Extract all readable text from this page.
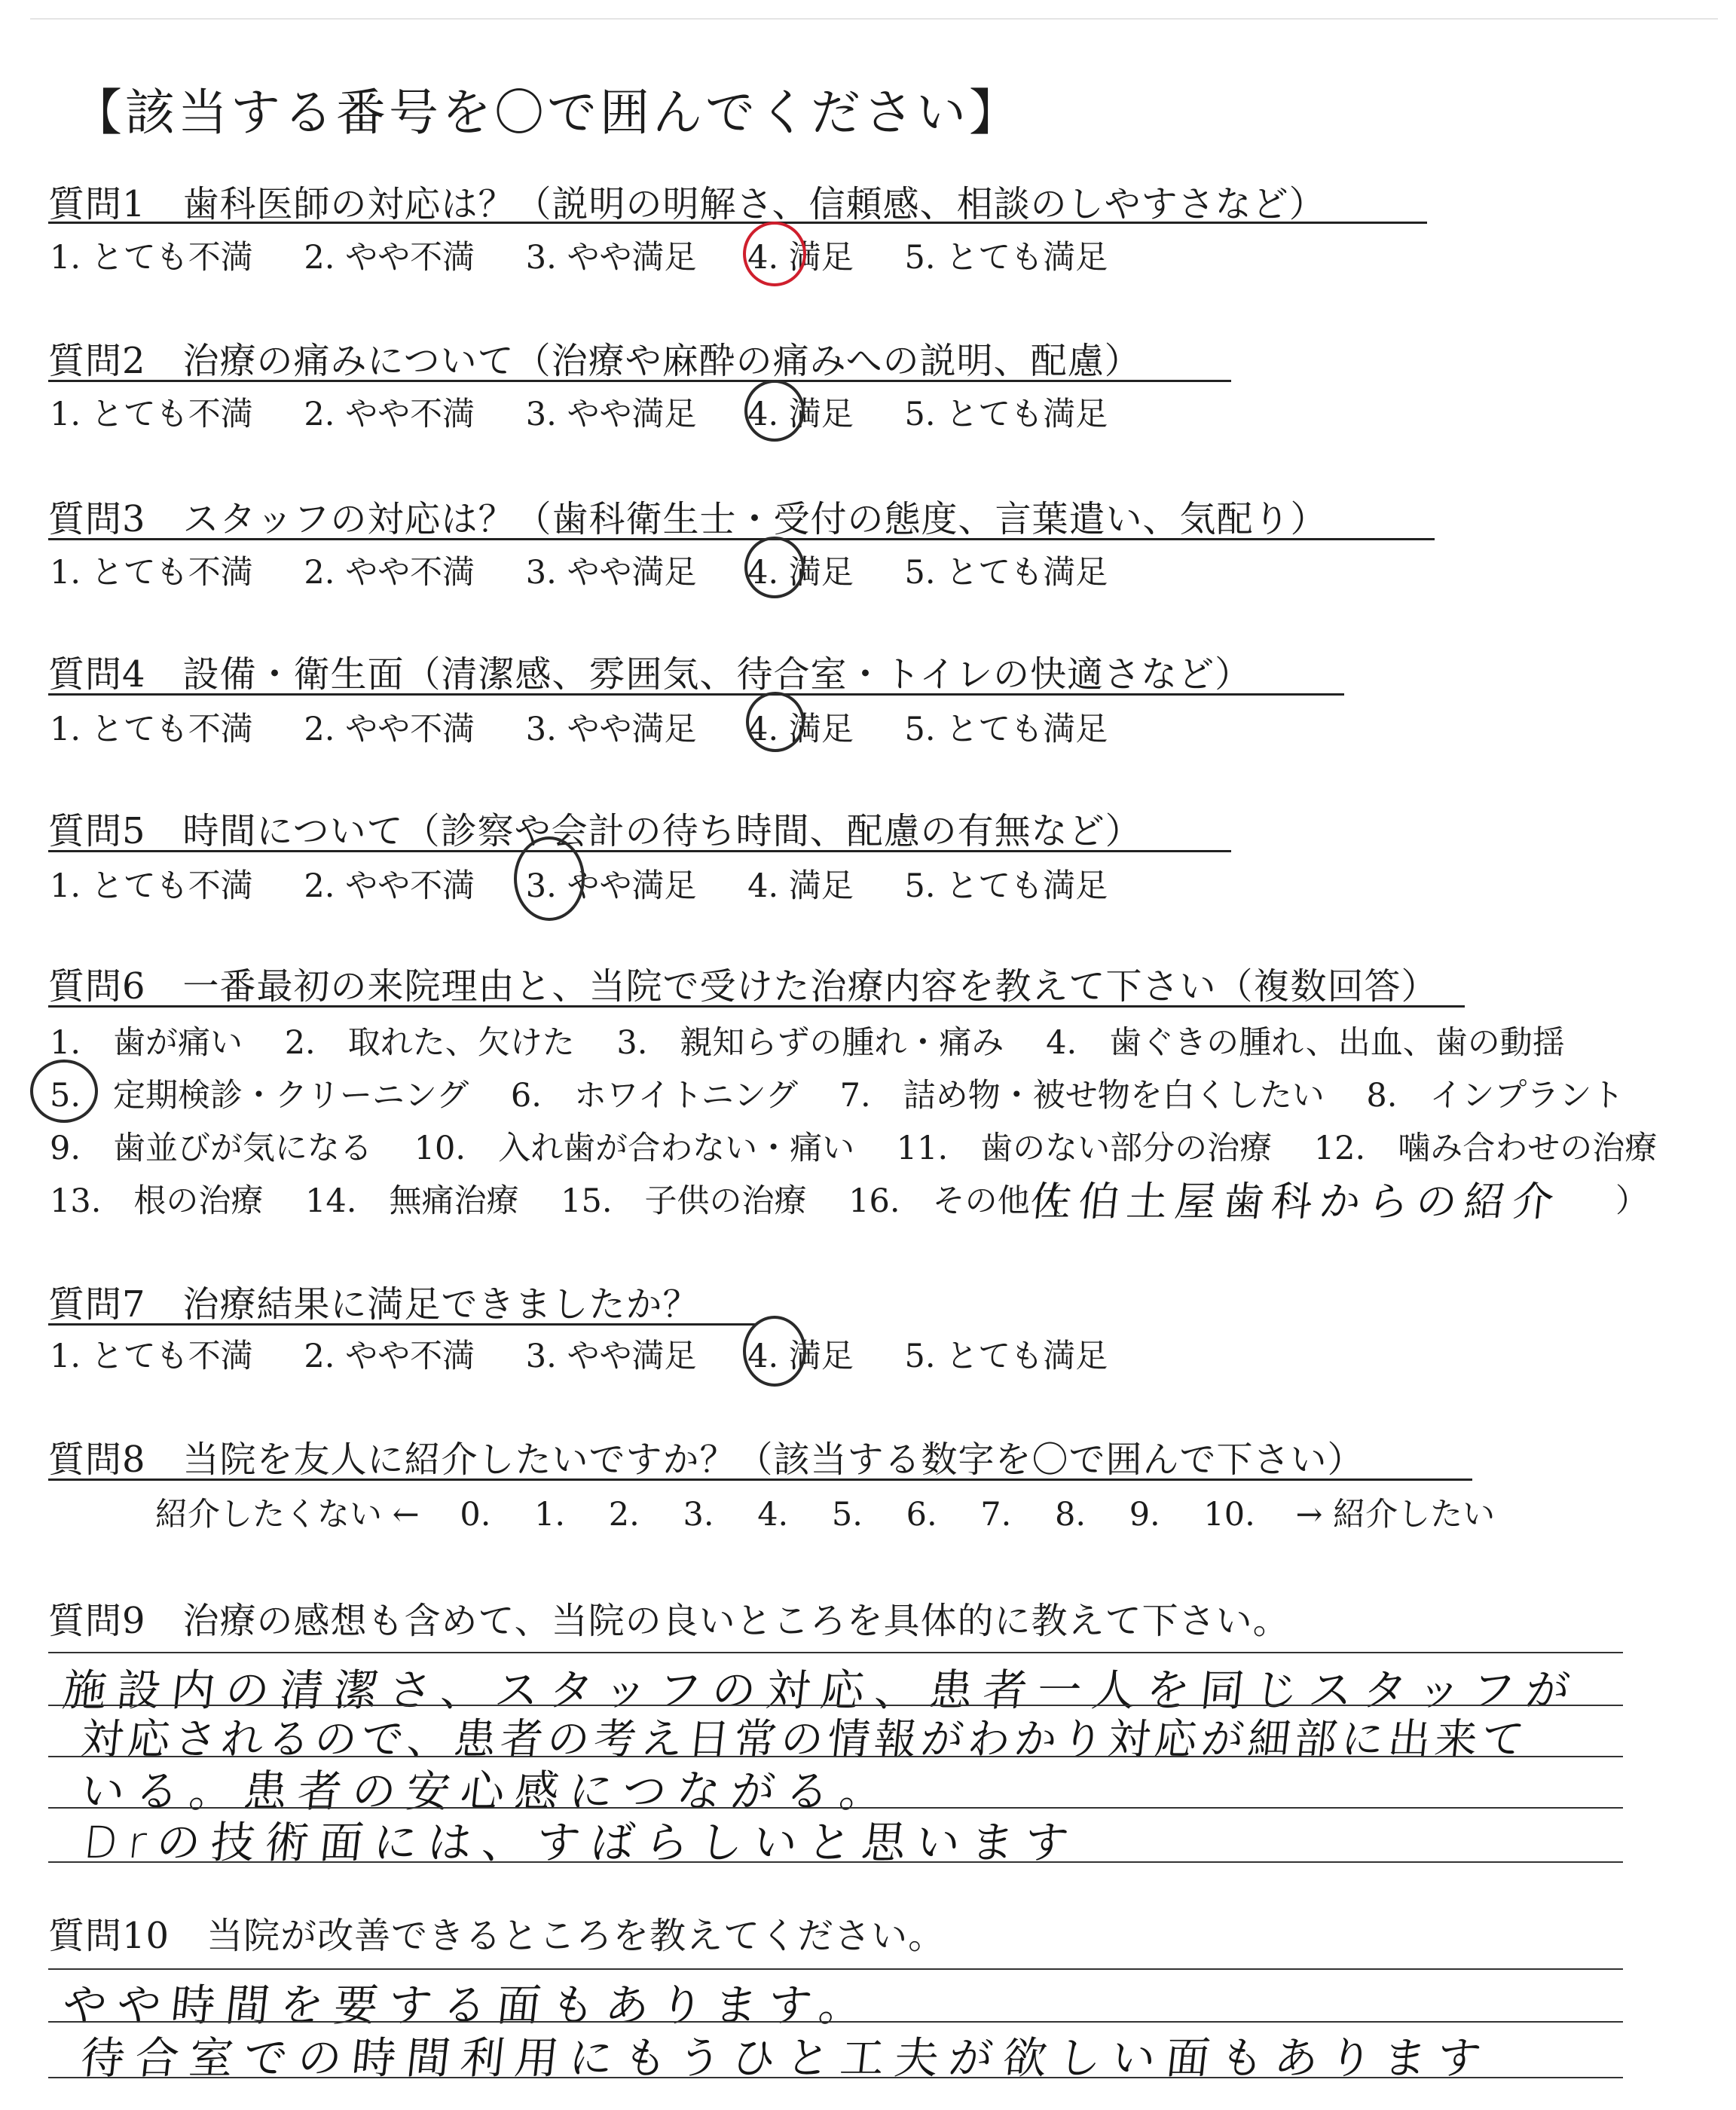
【該当する番号を〇で囲んでください】
質問1　歯科医師の対応は？（説明の明解さ、信頼感、相談のしやすさなど）
1. とても不満 2. やや不満 3. やや満足 4. 満足 5. とても満足
質問2　治療の痛みについて（治療や麻酔の痛みへの説明、配慮）
1. とても不満 2. やや不満 3. やや満足 4. 満足 5. とても満足
質問3　スタッフの対応は？（歯科衛生士・受付の態度、言葉遣い、気配り）
1. とても不満 2. やや不満 3. やや満足 4. 満足 5. とても満足
質問4　設備・衛生面（清潔感、雰囲気、待合室・トイレの快適さなど）
1. とても不満 2. やや不満 3. やや満足 4. 満足 5. とても満足
質問5　時間について（診察や会計の待ち時間、配慮の有無など）
1. とても不満 2. やや不満 3. やや満足 4. 満足 5. とても満足
質問6　一番最初の来院理由と、当院で受けた治療内容を教えて下さい（複数回答）
1.　歯が痛い 2.　取れた、欠けた 3.　親知らずの腫れ・痛み 4.　歯ぐきの腫れ、出血、歯の動揺
5.　定期検診・クリーニング 6.　ホワイトニング 7.　詰め物・被せ物を白くしたい 8.　インプラント
9.　歯並びが気になる 10.　入れ歯が合わない・痛い 11.　歯のない部分の治療 12.　噛み合わせの治療
13.　根の治療 14.　無痛治療 15.　子供の治療 16.　その他（
佐伯土屋歯科からの紹介 ）
質問7　治療結果に満足できましたか？
1. とても不満 2. やや不満 3. やや満足 4. 満足 5. とても満足
質問8　当院を友人に紹介したいですか？（該当する数字を〇で囲んで下さい）
紹介したくない ← 0. 1. 2. 3. 4. 5. 6. 7. 8. 9. 10. → 紹介したい
質問9　治療の感想も含めて、当院の良いところを具体的に教えて下さい。
施設内の清潔さ、スタッフの対応、患者一人を同じスタッフが
対応されるので、患者の考え日常の情報がわかり対応が細部に出来て
いる。患者の安心感につながる。
Drの技術面には、すばらしいと思います
質問10　当院が改善できるところを教えてください。
やや時間を要する面もあります。
待合室での時間利用にもうひと工夫が欲しい面もあります
